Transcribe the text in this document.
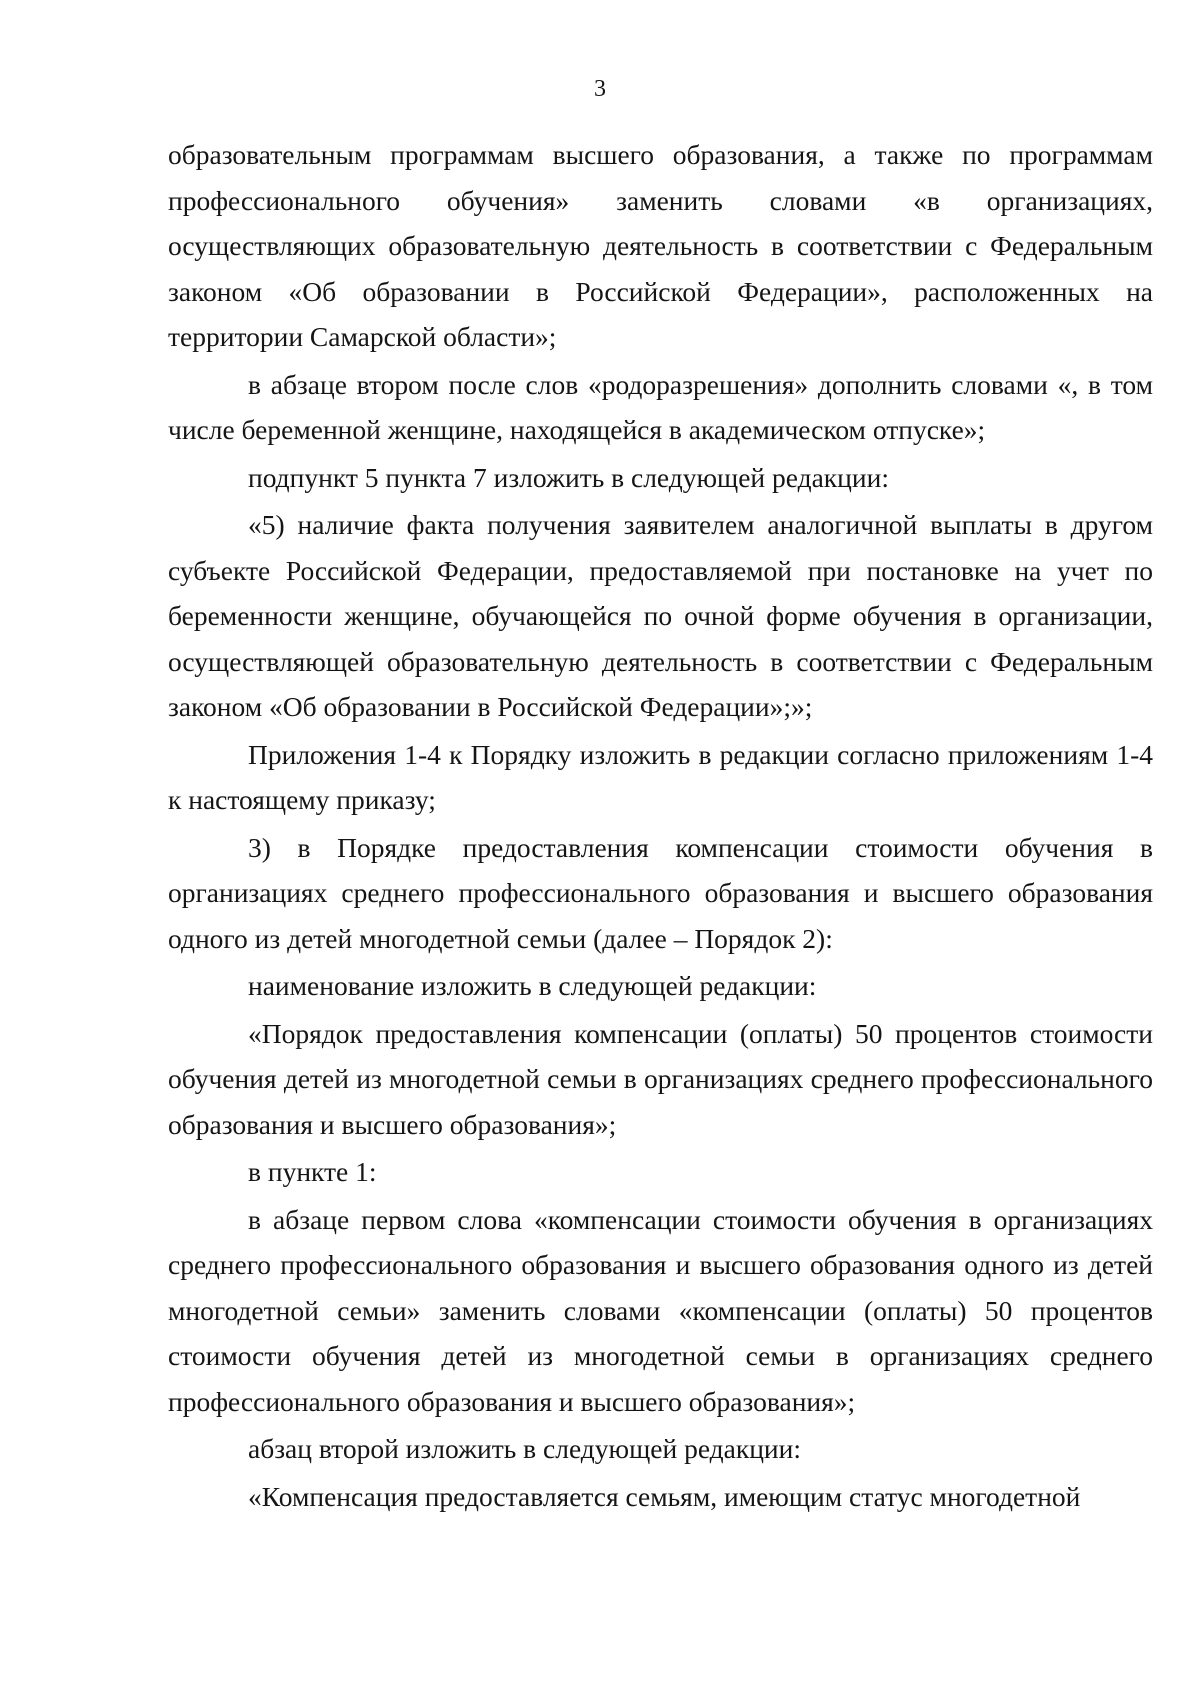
3

образовательным программам высшего образования, а также по программам профессионального обучения» заменить словами «в организациях, осуществляющих образовательную деятельность в соответствии с Федеральным законом «Об образовании в Российской Федерации», расположенных на территории Самарской области»;

в абзаце втором после слов «родоразрешения» дополнить словами «, в том числе беременной женщине, находящейся в академическом отпуске»;

подпункт 5 пункта 7 изложить в следующей редакции:

«5) наличие факта получения заявителем аналогичной выплаты в другом субъекте Российской Федерации, предоставляемой при постановке на учет по беременности женщине, обучающейся по очной форме обучения в организации, осуществляющей образовательную деятельность в соответствии с Федеральным законом «Об образовании в Российской Федерации»;»;

Приложения 1-4 к Порядку изложить в редакции согласно приложениям 1-4 к настоящему приказу;

3) в Порядке предоставления компенсации стоимости обучения в организациях среднего профессионального образования и высшего образования одного из детей многодетной семьи (далее – Порядок 2):

наименование изложить в следующей редакции:

«Порядок предоставления компенсации (оплаты) 50 процентов стоимости обучения детей из многодетной семьи в организациях среднего профессионального образования и высшего образования»;

в пункте 1:

в абзаце первом слова «компенсации стоимости обучения в организациях среднего профессионального образования и высшего образования одного из детей многодетной семьи» заменить словами «компенсации (оплаты) 50 процентов стоимости обучения детей из многодетной семьи в организациях среднего профессионального образования и высшего образования»;

абзац второй изложить в следующей редакции:

«Компенсация предоставляется семьям, имеющим статус многодетной
